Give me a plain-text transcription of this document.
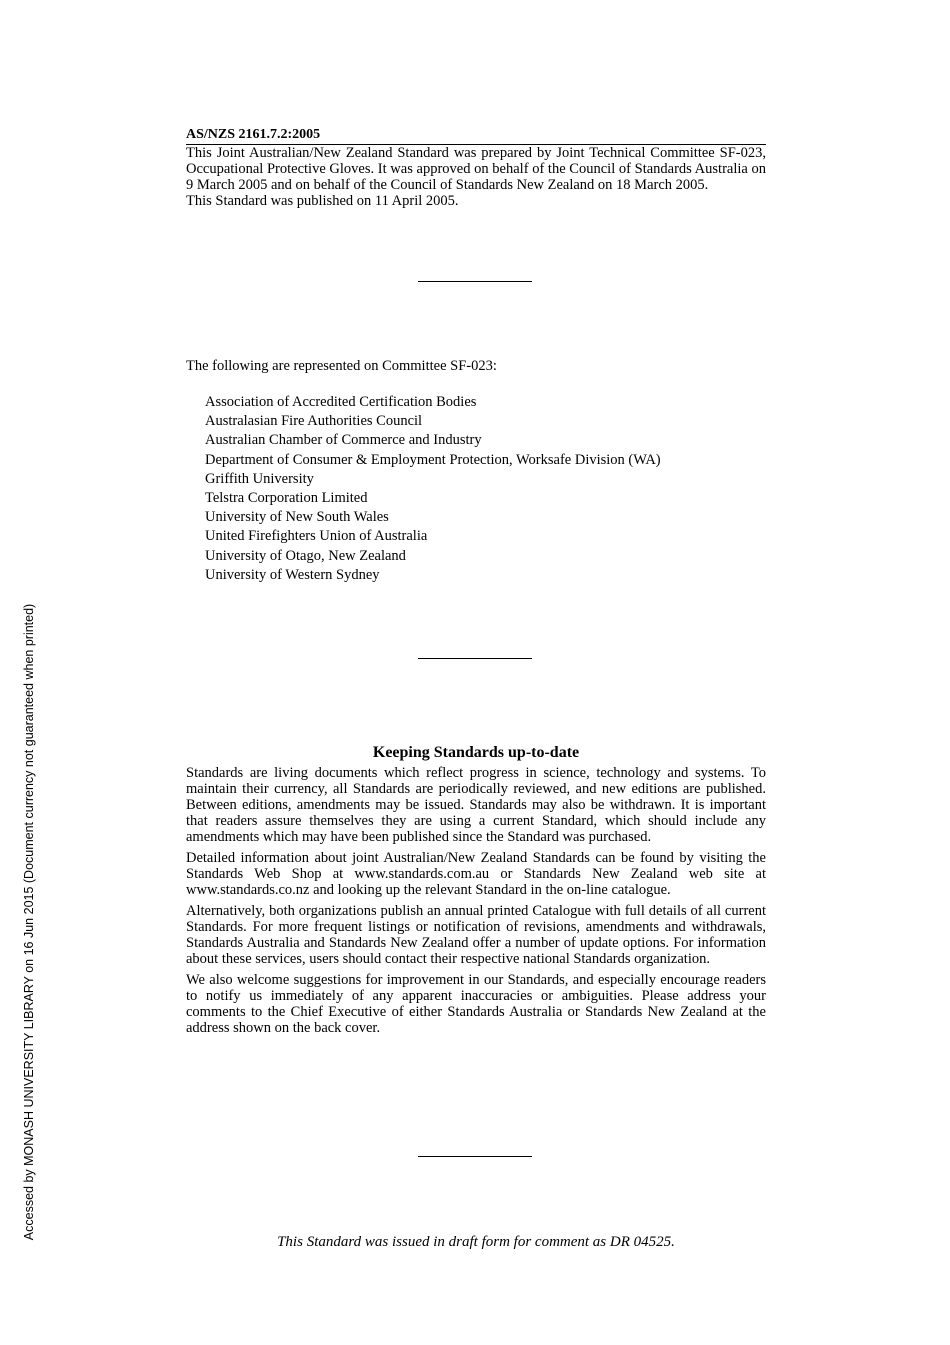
AS/NZS 2161.7.2:2005

This Joint Australian/New Zealand Standard was prepared by Joint Technical Committee SF-023, Occupational Protective Gloves. It was approved on behalf of the Council of Standards Australia on 9 March 2005 and on behalf of the Council of Standards New Zealand on 18 March 2005.

This Standard was published on 11 April 2005.

The following are represented on Committee SF-023:
Association of Accredited Certification Bodies
Australasian Fire Authorities Council
Australian Chamber of Commerce and Industry
Department of Consumer & Employment Protection, Worksafe Division (WA)
Griffith University
Telstra Corporation Limited
University of New South Wales
United Firefighters Union of Australia
University of Otago, New Zealand
University of Western Sydney
Keeping Standards up-to-date

Standards are living documents which reflect progress in science, technology and systems. To maintain their currency, all Standards are periodically reviewed, and new editions are published. Between editions, amendments may be issued. Standards may also be withdrawn. It is important that readers assure themselves they are using a current Standard, which should include any amendments which may have been published since the Standard was purchased.

Detailed information about joint Australian/New Zealand Standards can be found by visiting the Standards Web Shop at www.standards.com.au or Standards New Zealand web site at www.standards.co.nz and looking up the relevant Standard in the on-line catalogue.

Alternatively, both organizations publish an annual printed Catalogue with full details of all current Standards. For more frequent listings or notification of revisions, amendments and withdrawals, Standards Australia and Standards New Zealand offer a number of update options. For information about these services, users should contact their respective national Standards organization.

We also welcome suggestions for improvement in our Standards, and especially encourage readers to notify us immediately of any apparent inaccuracies or ambiguities. Please address your comments to the Chief Executive of either Standards Australia or Standards New Zealand at the address shown on the back cover.

This Standard was issued in draft form for comment as DR 04525.
Accessed by MONASH UNIVERSITY LIBRARY on 16 Jun 2015 (Document currency not guaranteed when printed)
